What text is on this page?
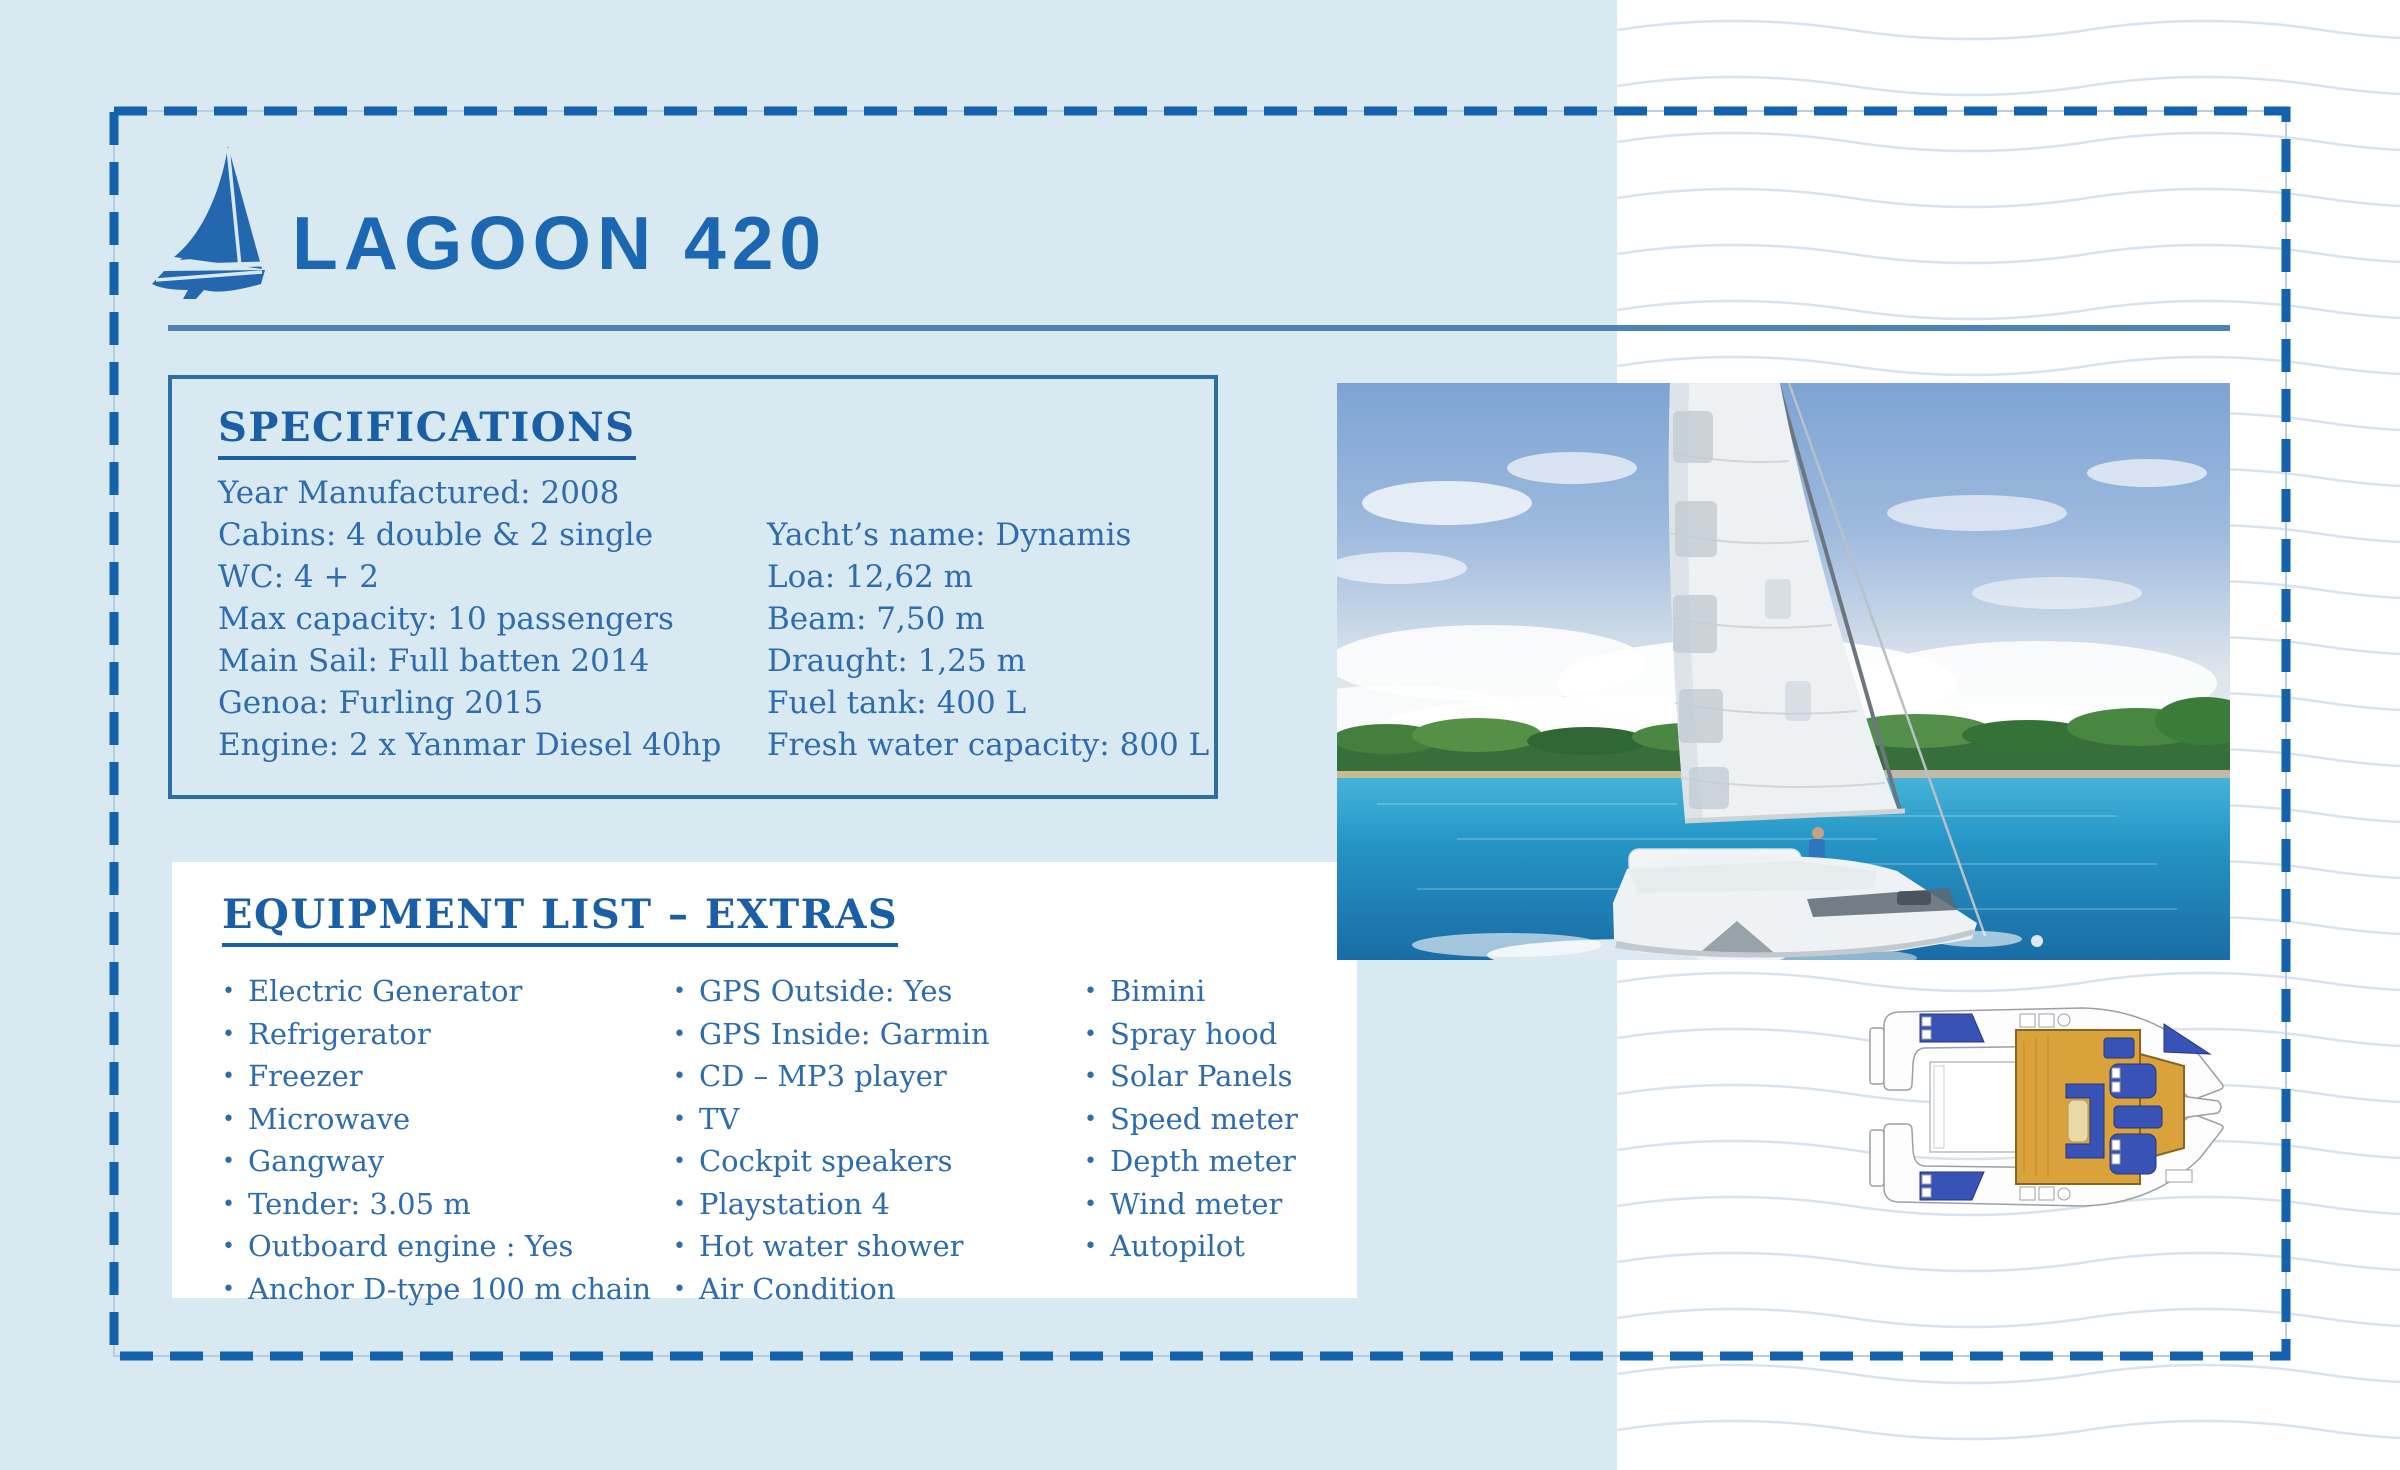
LAGOON 420
SPECIFICATIONS
Year Manufactured: 2008
Cabins: 4 double & 2 single
WC: 4 + 2
Max capacity: 10 passengers
Main Sail: Full batten 2014
Genoa: Furling 2015
Engine: 2 x Yanmar Diesel 40hp
Yacht’s name: Dynamis
Loa: 12,62 m
Beam: 7,50 m
Draught: 1,25 m
Fuel tank: 400 L
Fresh water capacity: 800 L
EQUIPMENT LIST – EXTRAS
• Electric Generator
• Refrigerator
• Freezer
• Microwave
• Gangway
• Tender: 3.05 m
• Outboard engine : Yes
• Anchor D-type 100 m chain
• GPS Outside: Yes
• GPS Inside: Garmin
• CD – MP3 player
• TV
• Cockpit speakers
• Playstation 4
• Hot water shower
• Air Condition
• Bimini
• Spray hood
• Solar Panels
• Speed meter
• Depth meter
• Wind meter
• Autopilot
